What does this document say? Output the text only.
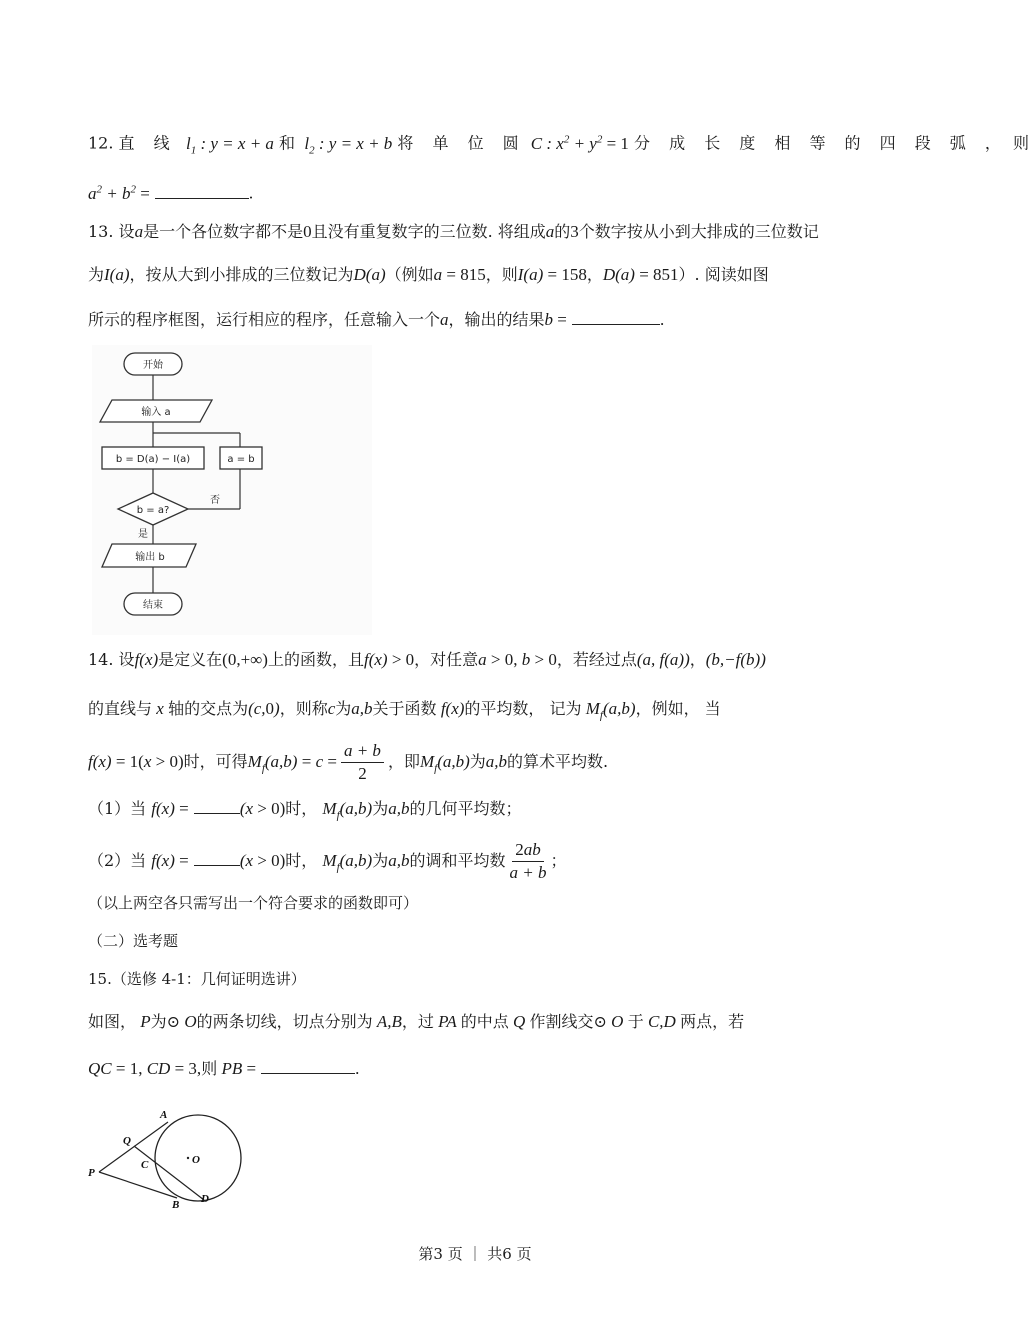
12. 直 线  $l_1$ : y = x + a 和  $l_2$ : y = x + b 将 单 位 圆 C : $x^2 + y^2 = 1$ 分 成 长 度 相 等 的 四 段 弧 ， 则
$a^2 + b^2$ =	.
13. 设a是一个各位数字都不是0且没有重复数字的三位数. 将组成a的3个数字按从小到大排成的三位数记
为I(a)，按从大到小排成的三位数记为D(a)（例如a = 815，则I(a) = 158，D(a) = 851）. 阅读如图
所示的程序框图，运行相应的程序，任意输入一个a，输出的结果b =	.
开始
输入 a
b = D(a) − I(a)	a = b
b = a?
否
是
输出 b
结束
14. 设f(x)是定义在(0,+∞)上的函数，且f(x) > 0，对任意a > 0, b > 0，若经过点(a, f(a))，(b,−f(b))
的直线与 x 轴的交点为(c,0)，则称c为a,b关于函数 f(x)的平均数， 记为 $M_f(a,b)$，例如， 当
f(x) = 1(x > 0)时，可得$M_f(a,b) = c = \frac{a + b}{2}$ ，即$M_f(a,b)$为a,b的算术平均数.
（1）当 f(x) =	(x > 0)时， $M_f(a,b)$为a,b的几何平均数；
（2）当 f(x) =	(x > 0)时， $M_f(a,b)$为a,b的调和平均数 $\frac{2ab}{a + b}$ ；
（以上两空各只需写出一个符合要求的函数即可）
（二）选考题
15.（选修 4-1：几何证明选讲）
如图， P为⊙ O的两条切线，切点分别为 A,B，过 PA 的中点 Q 作割线交⊙ O 于 C,D 两点，若
QC = 1, CD = 3,则 PB =	.
A
Q
C	O
P
B D
第3 页 ｜ 共6 页
